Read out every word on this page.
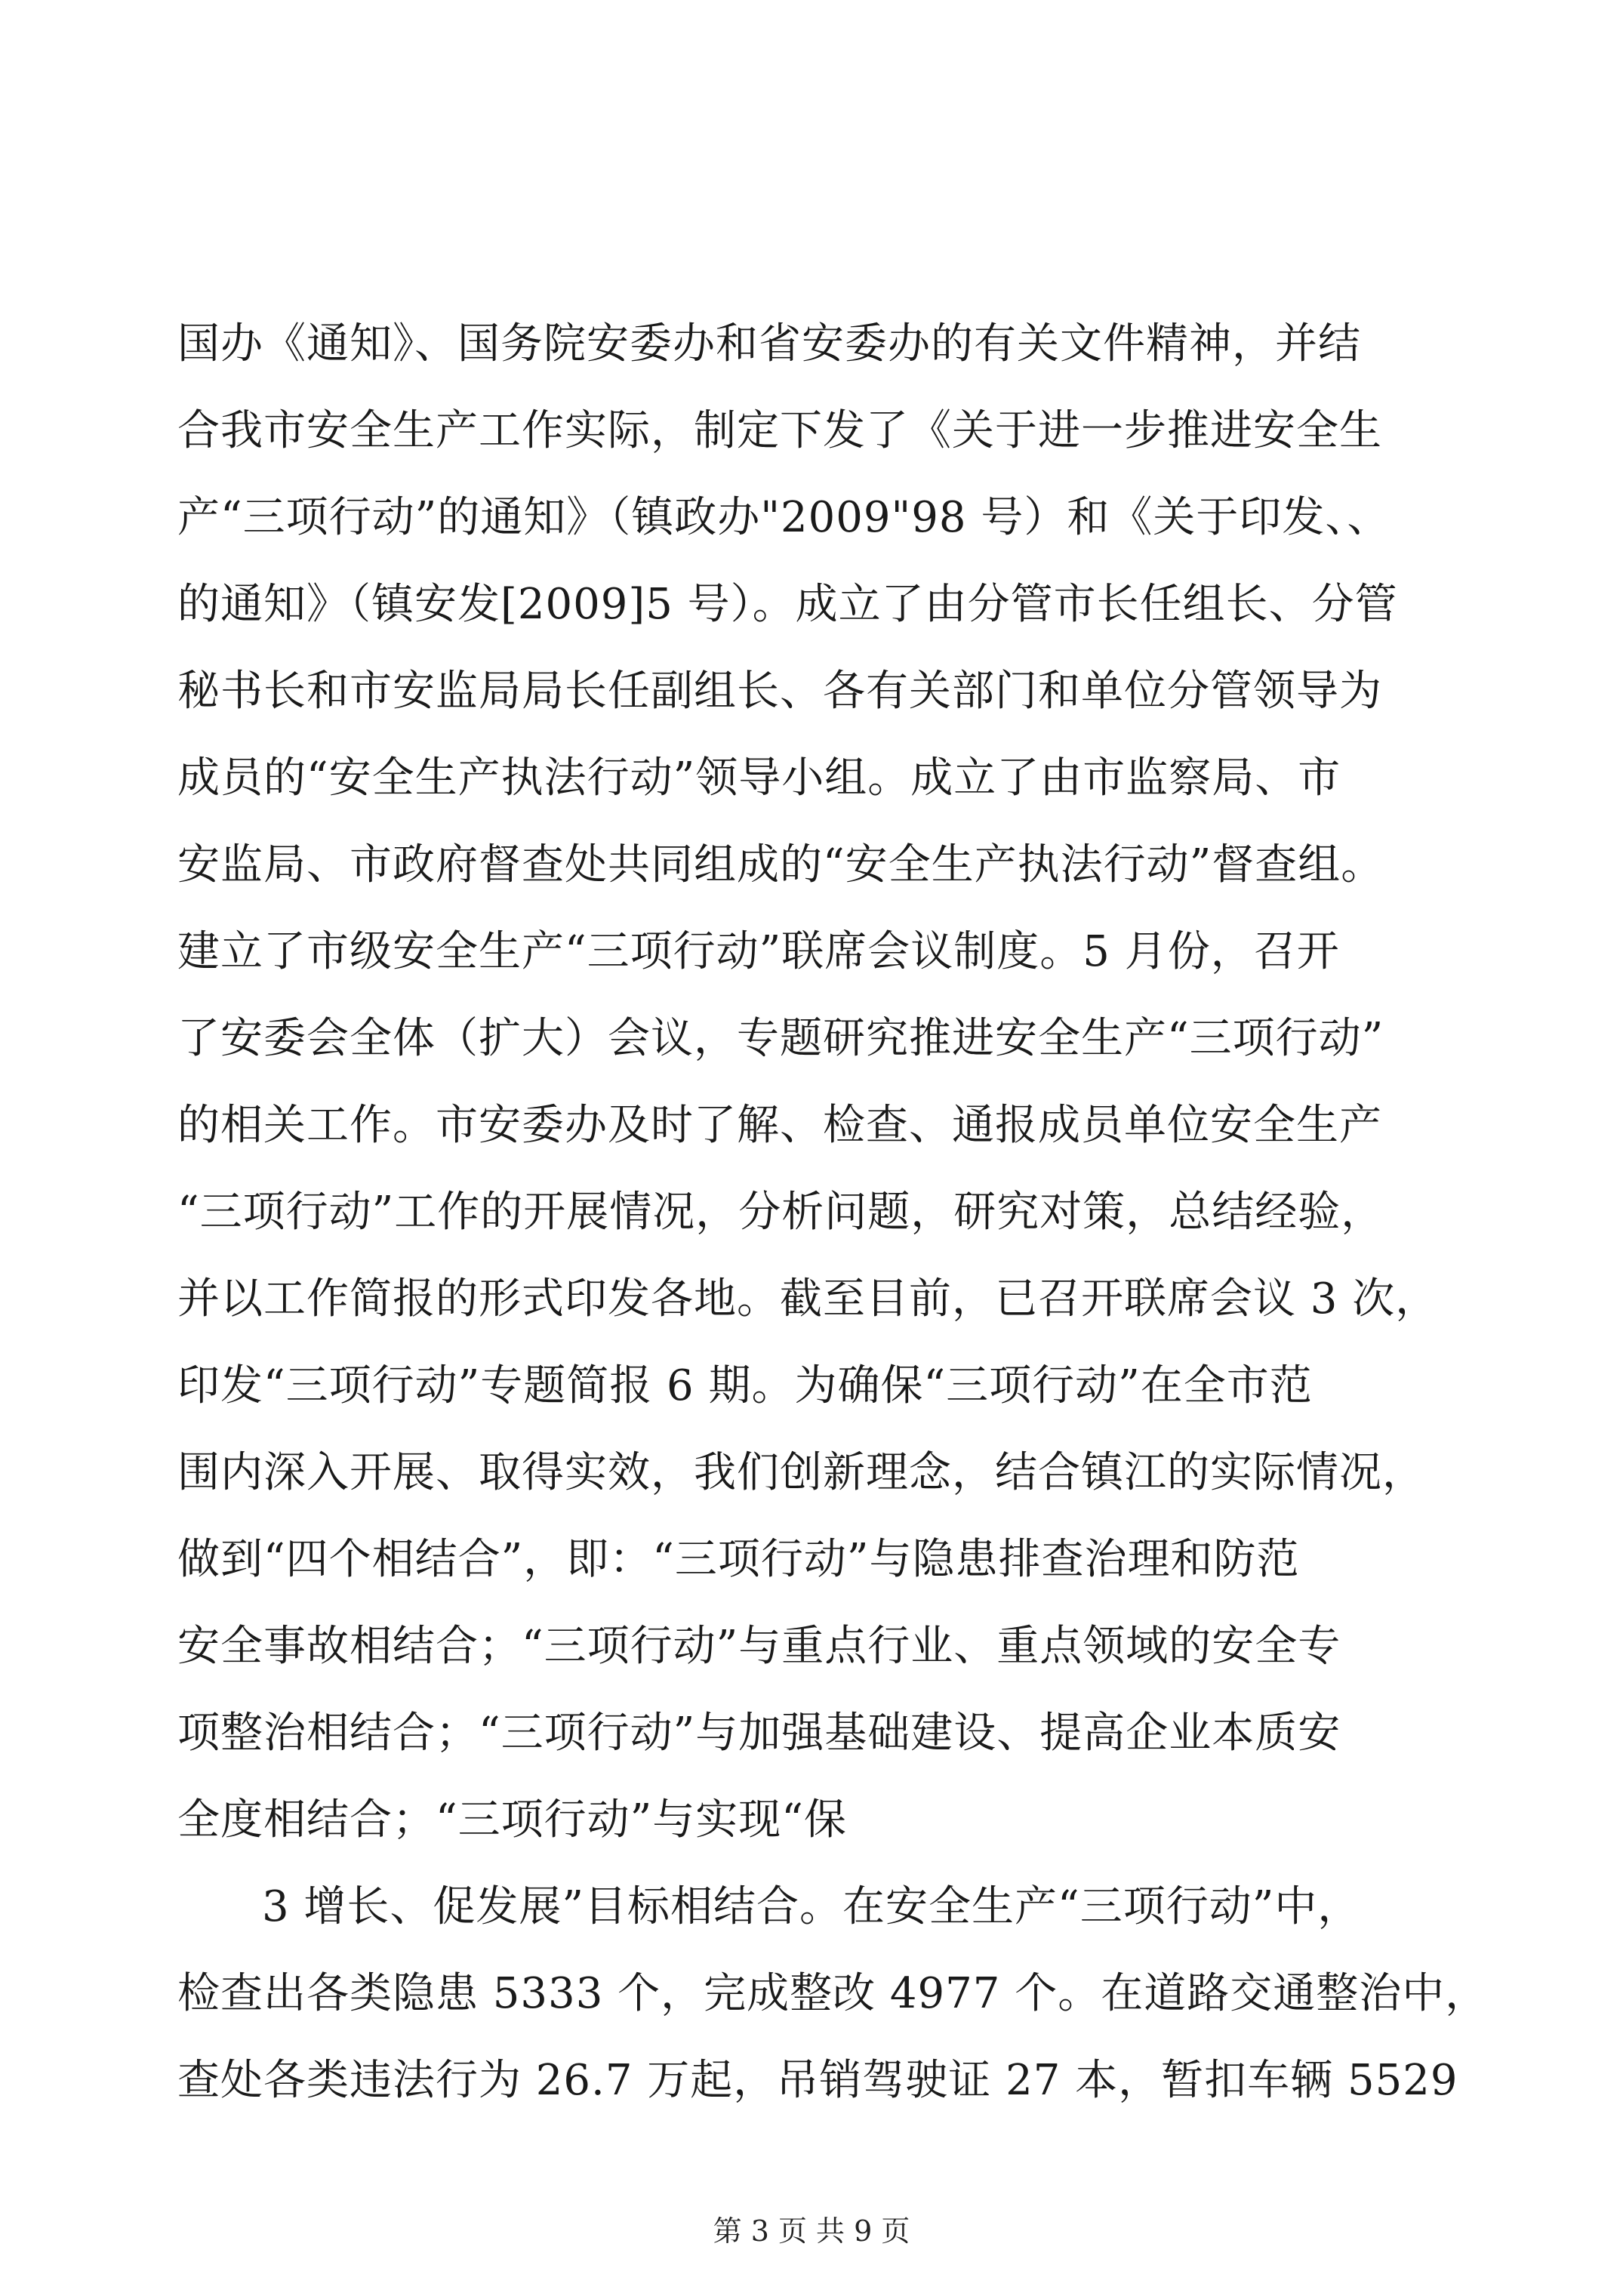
国办《通知》、国务院安委办和省安委办的有关文件精神，并结
合我市安全生产工作实际，制定下发了《关于进一步推进安全生
产“三项行动”的通知》（镇政办"2009"98 号）和《关于印发、、
的通知》（镇安发[2009]5 号）。成立了由分管市长任组长、分管
秘书长和市安监局局长任副组长、各有关部门和单位分管领导为
成员的“安全生产执法行动”领导小组。成立了由市监察局、市
安监局、市政府督查处共同组成的“安全生产执法行动”督查组。
建立了市级安全生产“三项行动”联席会议制度。5 月份，召开
了安委会全体（扩大）会议，专题研究推进安全生产“三项行动”
的相关工作。市安委办及时了解、检查、通报成员单位安全生产
“三项行动”工作的开展情况，分析问题，研究对策，总结经验，
并以工作简报的形式印发各地。截至目前，已召开联席会议 3 次，
印发“三项行动”专题简报 6 期。为确保“三项行动”在全市范
围内深入开展、取得实效，我们创新理念，结合镇江的实际情况，
做到“四个相结合”，即：“三项行动”与隐患排查治理和防范
安全事故相结合；“三项行动”与重点行业、重点领域的安全专
项整治相结合；“三项行动”与加强基础建设、提高企业本质安
全度相结合；“三项行动”与实现“保
3 增长、促发展”目标相结合。在安全生产“三项行动”中，
检查出各类隐患 5333 个，完成整改 4977 个。在道路交通整治中，
查处各类违法行为 26.7 万起，吊销驾驶证 27 本，暂扣车辆 5529
第 3 页 共 9 页
